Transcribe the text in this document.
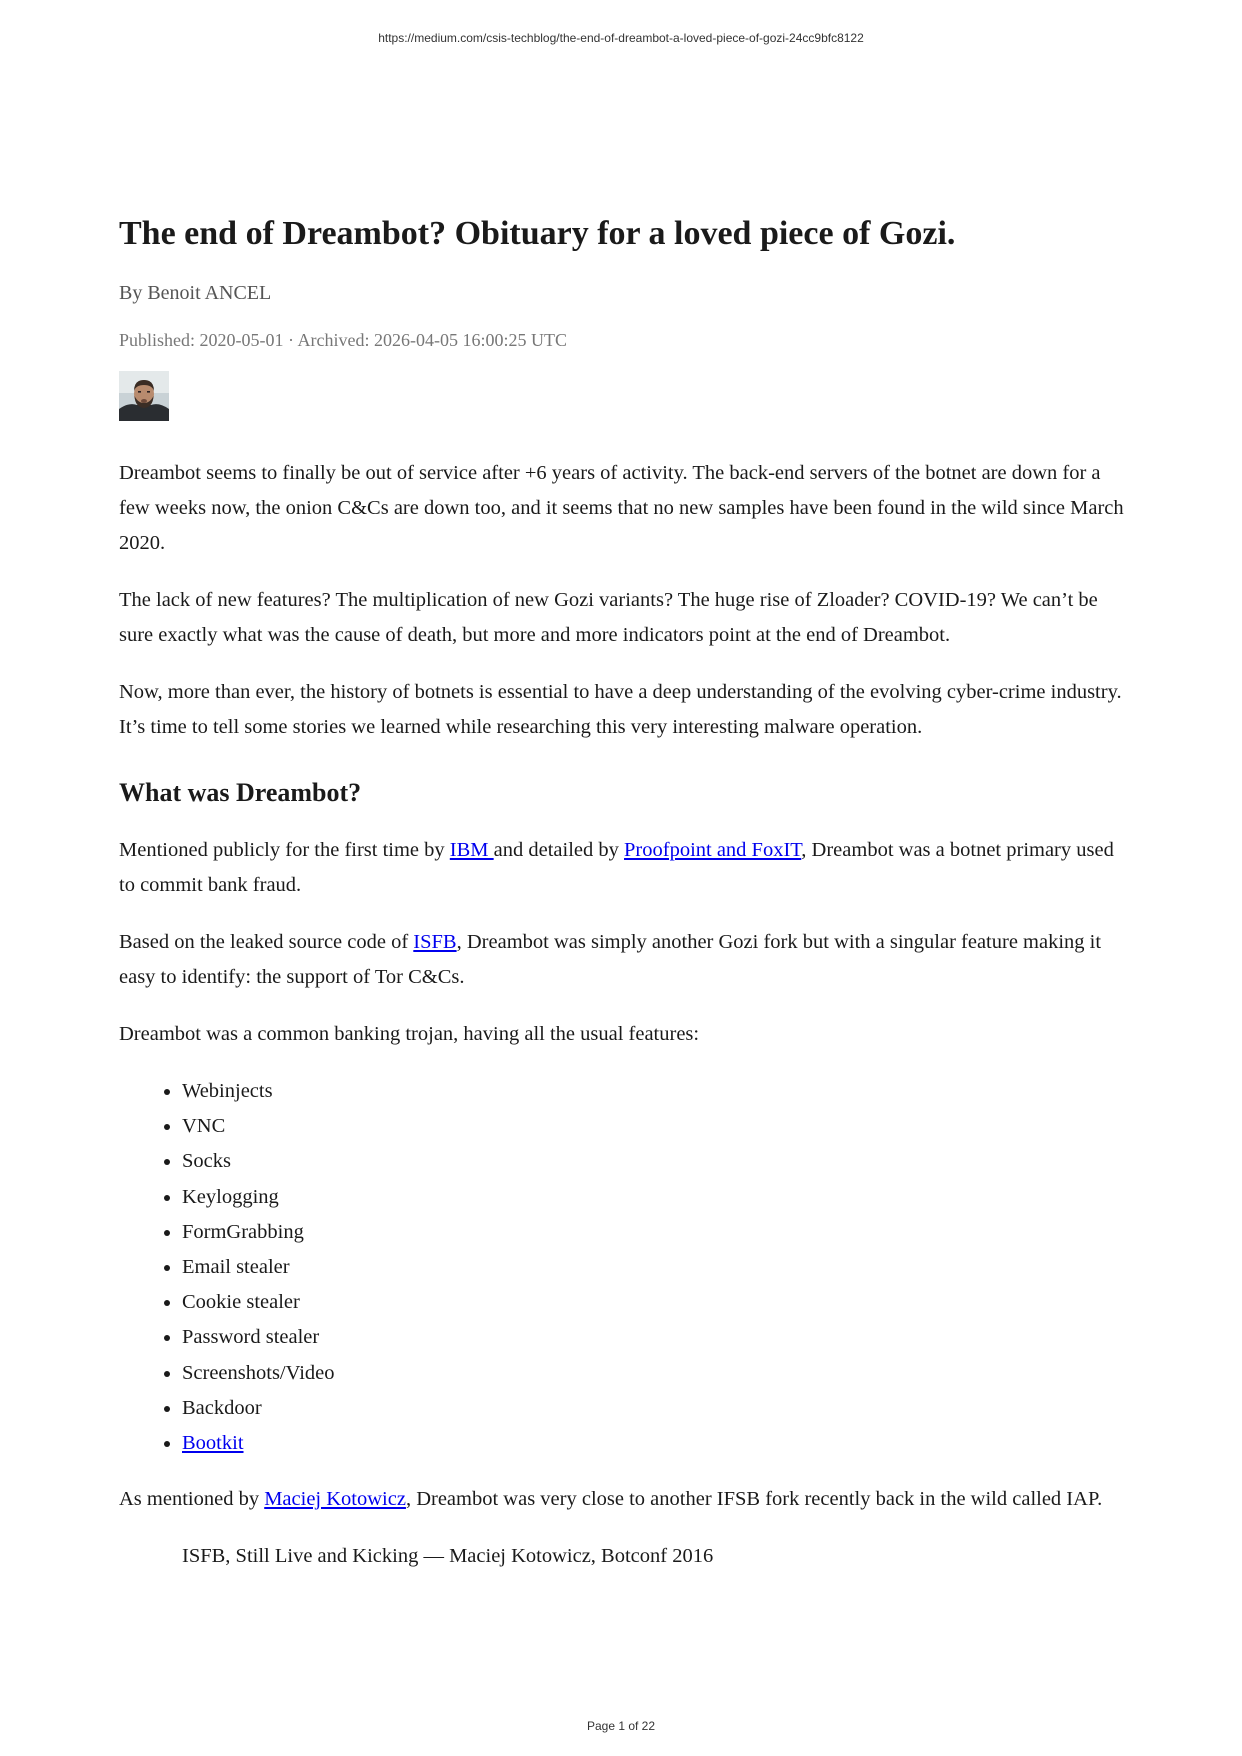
https://medium.com/csis-techblog/the-end-of-dreambot-a-loved-piece-of-gozi-24cc9bfc8122
The end of Dreambot? Obituary for a loved piece of Gozi.
By Benoit ANCEL
Published: 2020-05-01 · Archived: 2026-04-05 16:00:25 UTC

Dreambot seems to finally be out of service after +6 years of activity. The back-end servers of the botnet are down for a few weeks now, the onion C&Cs are down too, and it seems that no new samples have been found in the wild since March 2020.

The lack of new features? The multiplication of new Gozi variants? The huge rise of Zloader? COVID-19? We can’t be sure exactly what was the cause of death, but more and more indicators point at the end of Dreambot.

Now, more than ever, the history of botnets is essential to have a deep understanding of the evolving cyber-crime industry. It’s time to tell some stories we learned while researching this very interesting malware operation.

What was Dreambot?

Mentioned publicly for the first time by IBM and detailed by Proofpoint and FoxIT, Dreambot was a botnet primary used to commit bank fraud.

Based on the leaked source code of ISFB, Dreambot was simply another Gozi fork but with a singular feature making it easy to identify: the support of Tor C&Cs.

Dreambot was a common banking trojan, having all the usual features:

• Webinjects
• VNC
• Socks
• Keylogging
• FormGrabbing
• Email stealer
• Cookie stealer
• Password stealer
• Screenshots/Video
• Backdoor
• Bootkit

As mentioned by Maciej Kotowicz, Dreambot was very close to another IFSB fork recently back in the wild called IAP.

ISFB, Still Live and Kicking — Maciej Kotowicz, Botconf 2016

Page 1 of 22
